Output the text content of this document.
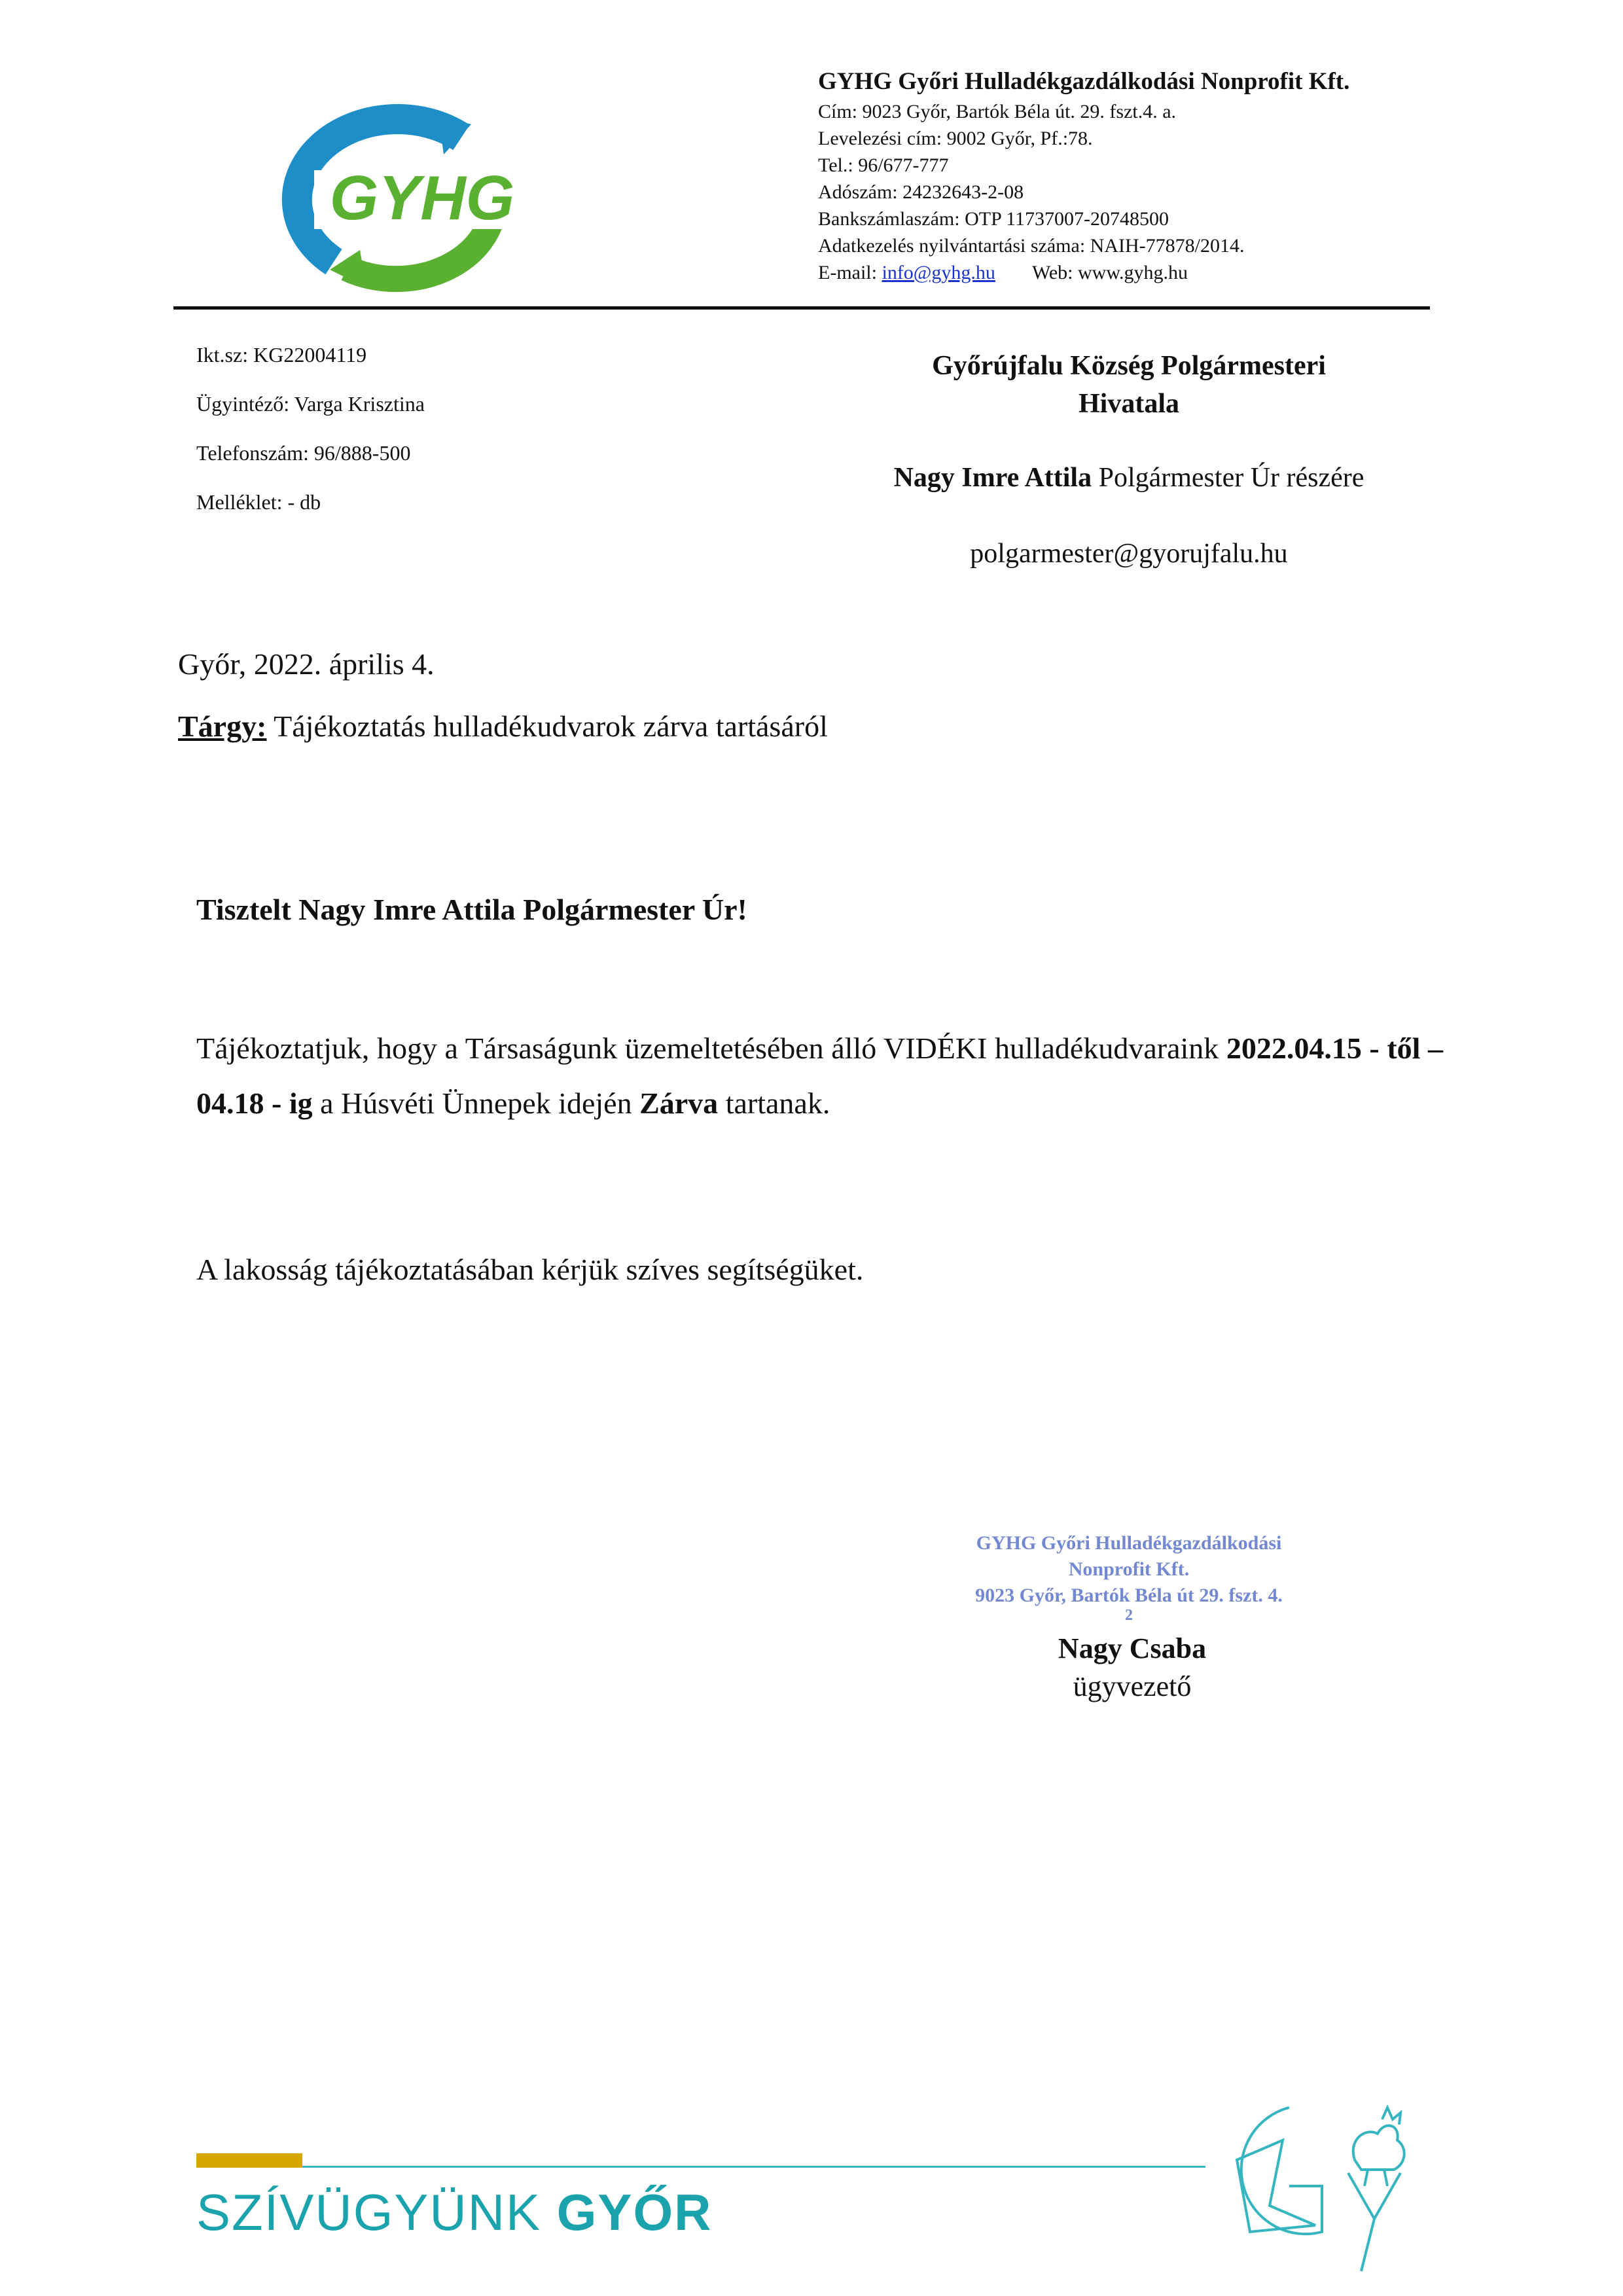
GYHG
GYHG Győri Hulladékgazdálkodási Nonprofit Kft.
Cím: 9023 Győr, Bartók Béla út. 29. fszt.4. a.
Levelezési cím: 9002 Győr, Pf.:78.
Tel.: 96/677-777
Adószám: 24232643-2-08
Bankszámlaszám: OTP 11737007-20748500
Adatkezelés nyilvántartási száma: NAIH-77878/2014.
E-mail: info@gyhg.hu Web: www.gyhg.hu
Ikt.sz: KG22004119
Ügyintéző: Varga Krisztina
Telefonszám: 96/888-500
Melléklet: - db
Győrújfalu Község Polgármesteri
Hivatala
Nagy Imre Attila Polgármester Úr részére
polgarmester@gyorujfalu.hu
Győr, 2022. április 4.
Tárgy: Tájékoztatás hulladékudvarok zárva tartásáról
Tisztelt Nagy Imre Attila Polgármester Úr!
Tájékoztatjuk, hogy a Társaságunk üzemeltetésében álló VIDÉKI hulladékudvaraink 2022.04.15 - től – 04.18 - ig a Húsvéti Ünnepek idején Zárva tartanak.
A lakosság tájékoztatásában kérjük szíves segítségüket.
GYHG Győri Hulladékgazdálkodási
Nonprofit Kft.
9023 Győr, Bartók Béla út 29. fszt. 4.
2
Nagy Csaba
ügyvezető
SZÍVÜGYÜNK GYŐR
GY
